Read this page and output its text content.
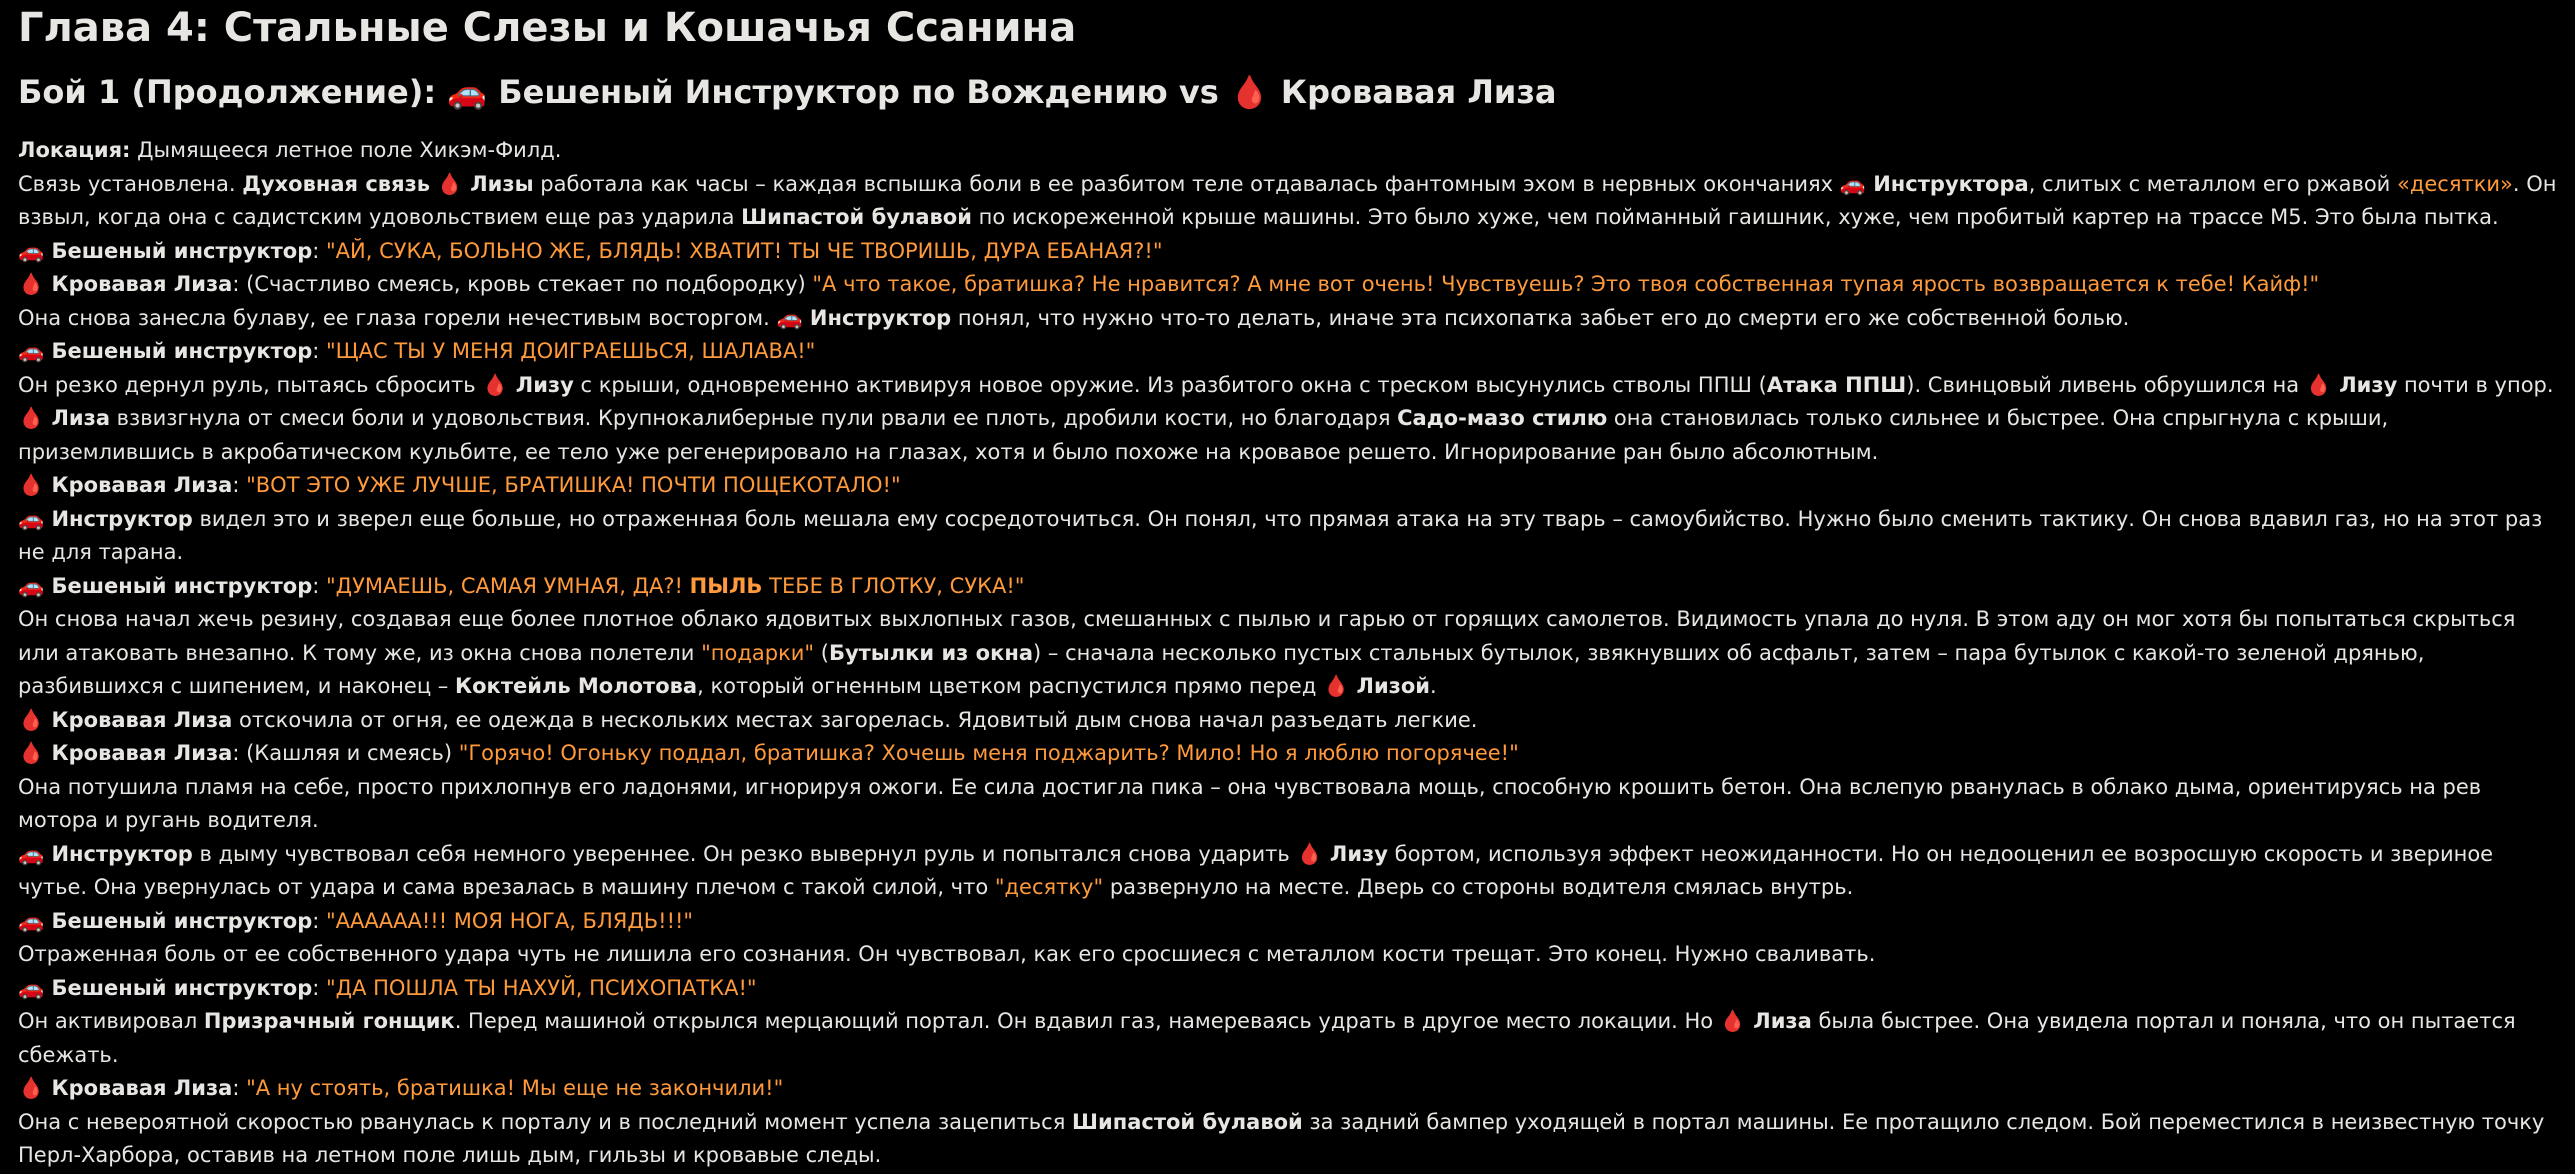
Глава 4: Стальные Слезы и Кошачья Ссанина
Бой 1 (Продолжение): 🚗 Бешеный Инструктор по Вождению vs 🩸 Кровавая Лиза

Локация: Дымящееся летное поле Хикэм-Филд.

Связь установлена. Духовная связь 🩸 Лизы работала как часы – каждая вспышка боли в ее разбитом теле отдавалась фантомным эхом в нервных окончаниях 🚗 Инструктора, слитых с металлом его ржавой «десятки». Он взвыл, когда она с садистским удовольствием еще раз ударила Шипастой булавой по искореженной крыше машины. Это было хуже, чем пойманный гаишник, хуже, чем пробитый картер на трассе М5. Это была пытка.

🚗 Бешеный инструктор: "АЙ, СУКА, БОЛЬНО ЖЕ, БЛЯДЬ! ХВАТИТ! ТЫ ЧЕ ТВОРИШЬ, ДУРА ЕБАНАЯ?!"

🩸 Кровавая Лиза: (Счастливо смеясь, кровь стекает по подбородку) "А что такое, братишка? Не нравится? А мне вот очень! Чувствуешь? Это твоя собственная тупая ярость возвращается к тебе! Кайф!"

Она снова занесла булаву, ее глаза горели нечестивым восторгом. 🚗 Инструктор понял, что нужно что-то делать, иначе эта психопатка забьет его до смерти его же собственной болью.

🚗 Бешеный инструктор: "ЩАС ТЫ У МЕНЯ ДОИГРАЕШЬСЯ, ШАЛАВА!"

Он резко дернул руль, пытаясь сбросить 🩸 Лизу с крыши, одновременно активируя новое оружие. Из разбитого окна с треском высунулись стволы ППШ (Атака ППШ). Свинцовый ливень обрушился на 🩸 Лизу почти в упор.

🩸 Лиза взвизгнула от смеси боли и удовольствия. Крупнокалиберные пули рвали ее плоть, дробили кости, но благодаря Садо-мазо стилю она становилась только сильнее и быстрее. Она спрыгнула с крыши, приземлившись в акробатическом кульбите, ее тело уже регенерировало на глазах, хотя и было похоже на кровавое решето. Игнорирование ран было абсолютным.

🩸 Кровавая Лиза: "ВОТ ЭТО УЖЕ ЛУЧШЕ, БРАТИШКА! ПОЧТИ ПОЩЕКОТАЛО!"

🚗 Инструктор видел это и зверел еще больше, но отраженная боль мешала ему сосредоточиться. Он понял, что прямая атака на эту тварь – самоубийство. Нужно было сменить тактику. Он снова вдавил газ, но на этот раз не для тарана.

🚗 Бешеный инструктор: "ДУМАЕШЬ, САМАЯ УМНАЯ, ДА?! ПЫЛЬ ТЕБЕ В ГЛОТКУ, СУКА!"

Он снова начал жечь резину, создавая еще более плотное облако ядовитых выхлопных газов, смешанных с пылью и гарью от горящих самолетов. Видимость упала до нуля. В этом аду он мог хотя бы попытаться скрыться или атаковать внезапно. К тому же, из окна снова полетели "подарки" (Бутылки из окна) – сначала несколько пустых стальных бутылок, звякнувших об асфальт, затем – пара бутылок с какой-то зеленой дрянью, разбившихся с шипением, и наконец – Коктейль Молотова, который огненным цветком распустился прямо перед 🩸 Лизой.

🩸 Кровавая Лиза отскочила от огня, ее одежда в нескольких местах загорелась. Ядовитый дым снова начал разъедать легкие.

🩸 Кровавая Лиза: (Кашляя и смеясь) "Горячо! Огоньку поддал, братишка? Хочешь меня поджарить? Мило! Но я люблю погорячее!"

Она потушила пламя на себе, просто прихлопнув его ладонями, игнорируя ожоги. Ее сила достигла пика – она чувствовала мощь, способную крошить бетон. Она вслепую рванулась в облако дыма, ориентируясь на рев мотора и ругань водителя.

🚗 Инструктор в дыму чувствовал себя немного увереннее. Он резко вывернул руль и попытался снова ударить 🩸 Лизу бортом, используя эффект неожиданности. Но он недооценил ее возросшую скорость и звериное чутье. Она увернулась от удара и сама врезалась в машину плечом с такой силой, что "десятку" развернуло на месте. Дверь со стороны водителя смялась внутрь.

🚗 Бешеный инструктор: "АААААА!!! МОЯ НОГА, БЛЯДЬ!!!"

Отраженная боль от ее собственного удара чуть не лишила его сознания. Он чувствовал, как его сросшиеся с металлом кости трещат. Это конец. Нужно сваливать.

🚗 Бешеный инструктор: "ДА ПОШЛА ТЫ НАХУЙ, ПСИХОПАТКА!"

Он активировал Призрачный гонщик. Перед машиной открылся мерцающий портал. Он вдавил газ, намереваясь удрать в другое место локации. Но 🩸 Лиза была быстрее. Она увидела портал и поняла, что он пытается сбежать.

🩸 Кровавая Лиза: "А ну стоять, братишка! Мы еще не закончили!"

Она с невероятной скоростью рванулась к порталу и в последний момент успела зацепиться Шипастой булавой за задний бампер уходящей в портал машины. Ее протащило следом. Бой переместился в неизвестную точку Перл-Харбора, оставив на летном поле лишь дым, гильзы и кровавые следы.
